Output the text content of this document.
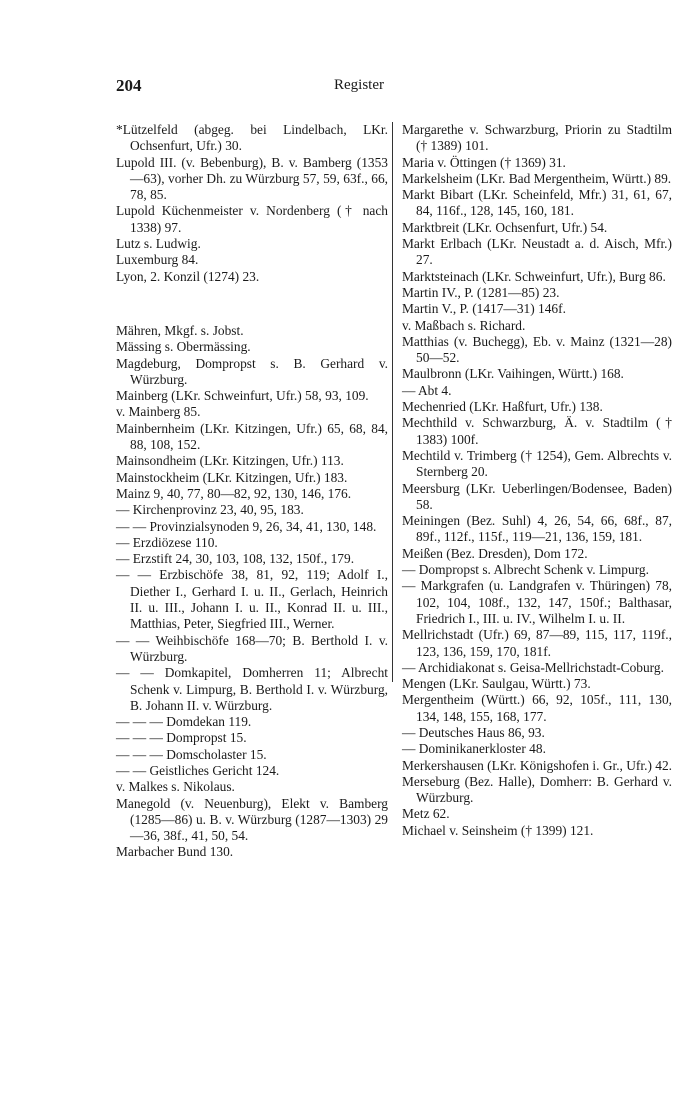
204	Register
*Lützelfeld (abgeg. bei Lindelbach, LKr. Ochsenfurt, Ufr.) 30.
Lupold III. (v. Bebenburg), B. v. Bamberg (1353—63), vorher Dh. zu Würzburg 57, 59, 63f., 66, 78, 85.
Lupold Küchenmeister v. Nordenberg († nach 1338) 97.
Lutz s. Ludwig.
Luxemburg 84.
Lyon, 2. Konzil (1274) 23.
Mähren, Mkgf. s. Jobst.
Mässing s. Obermässing.
Magdeburg, Dompropst s. B. Gerhard v. Würzburg.
Mainberg (LKr. Schweinfurt, Ufr.) 58, 93, 109.
v. Mainberg 85.
Mainbernheim (LKr. Kitzingen, Ufr.) 65, 68, 84, 88, 108, 152.
Mainsondheim (LKr. Kitzingen, Ufr.) 113.
Mainstockheim (LKr. Kitzingen, Ufr.) 183.
Mainz 9, 40, 77, 80—82, 92, 130, 146, 176.
— Kirchenprovinz 23, 40, 95, 183.
— — Provinzialsynoden 9, 26, 34, 41, 130, 148.
— Erzdiözese 110.
— Erzstift 24, 30, 103, 108, 132, 150f., 179.
— — Erzbischöfe 38, 81, 92, 119; Adolf I., Diether I., Gerhard I. u. II., Gerlach, Heinrich II. u. III., Johann I. u. II., Konrad II. u. III., Matthias, Peter, Siegfried III., Werner.
— — Weihbischöfe 168—70; B. Berthold I. v. Würzburg.
— — Domkapitel, Domherren 11; Albrecht Schenk v. Limpurg, B. Berthold I. v. Würzburg, B. Johann II. v. Würzburg.
— — — Domdekan 119.
— — — Dompropst 15.
— — — Domscholaster 15.
— — Geistliches Gericht 124.
v. Malkes s. Nikolaus.
Manegold (v. Neuenburg), Elekt v. Bamberg (1285—86) u. B. v. Würzburg (1287—1303) 29—36, 38f., 41, 50, 54.
Marbacher Bund 130.
Margarethe v. Schwarzburg, Priorin zu Stadtilm († 1389) 101.
Maria v. Öttingen († 1369) 31.
Markelsheim (LKr. Bad Mergentheim, Württ.) 89.
Markt Bibart (LKr. Scheinfeld, Mfr.) 31, 61, 67, 84, 116f., 128, 145, 160, 181.
Marktbreit (LKr. Ochsenfurt, Ufr.) 54.
Markt Erlbach (LKr. Neustadt a. d. Aisch, Mfr.) 27.
Marktsteinach (LKr. Schweinfurt, Ufr.), Burg 86.
Martin IV., P. (1281—85) 23.
Martin V., P. (1417—31) 146f.
v. Maßbach s. Richard.
Matthias (v. Buchegg), Eb. v. Mainz (1321—28) 50—52.
Maulbronn (LKr. Vaihingen, Württ.) 168.
— Abt 4.
Mechenried (LKr. Haßfurt, Ufr.) 138.
Mechthild v. Schwarzburg, Ä. v. Stadtilm († 1383) 100f.
Mechtild v. Trimberg († 1254), Gem. Albrechts v. Sternberg 20.
Meersburg (LKr. Ueberlingen/Bodensee, Baden) 58.
Meiningen (Bez. Suhl) 4, 26, 54, 66, 68f., 87, 89f., 112f., 115f., 119—21, 136, 159, 181.
Meißen (Bez. Dresden), Dom 172.
— Dompropst s. Albrecht Schenk v. Limpurg.
— Markgrafen (u. Landgrafen v. Thüringen) 78, 102, 104, 108f., 132, 147, 150f.; Balthasar, Friedrich I., III. u. IV., Wilhelm I. u. II.
Mellrichstadt (Ufr.) 69, 87—89, 115, 117, 119f., 123, 136, 159, 170, 181f.
— Archidiakonat s. Geisa-Mellrichstadt-Coburg.
Mengen (LKr. Saulgau, Württ.) 73.
Mergentheim (Württ.) 66, 92, 105f., 111, 130, 134, 148, 155, 168, 177.
— Deutsches Haus 86, 93.
— Dominikanerkloster 48.
Merkershausen (LKr. Königshofen i. Gr., Ufr.) 42.
Merseburg (Bez. Halle), Domherr: B. Gerhard v. Würzburg.
Metz 62.
Michael v. Seinsheim († 1399) 121.
